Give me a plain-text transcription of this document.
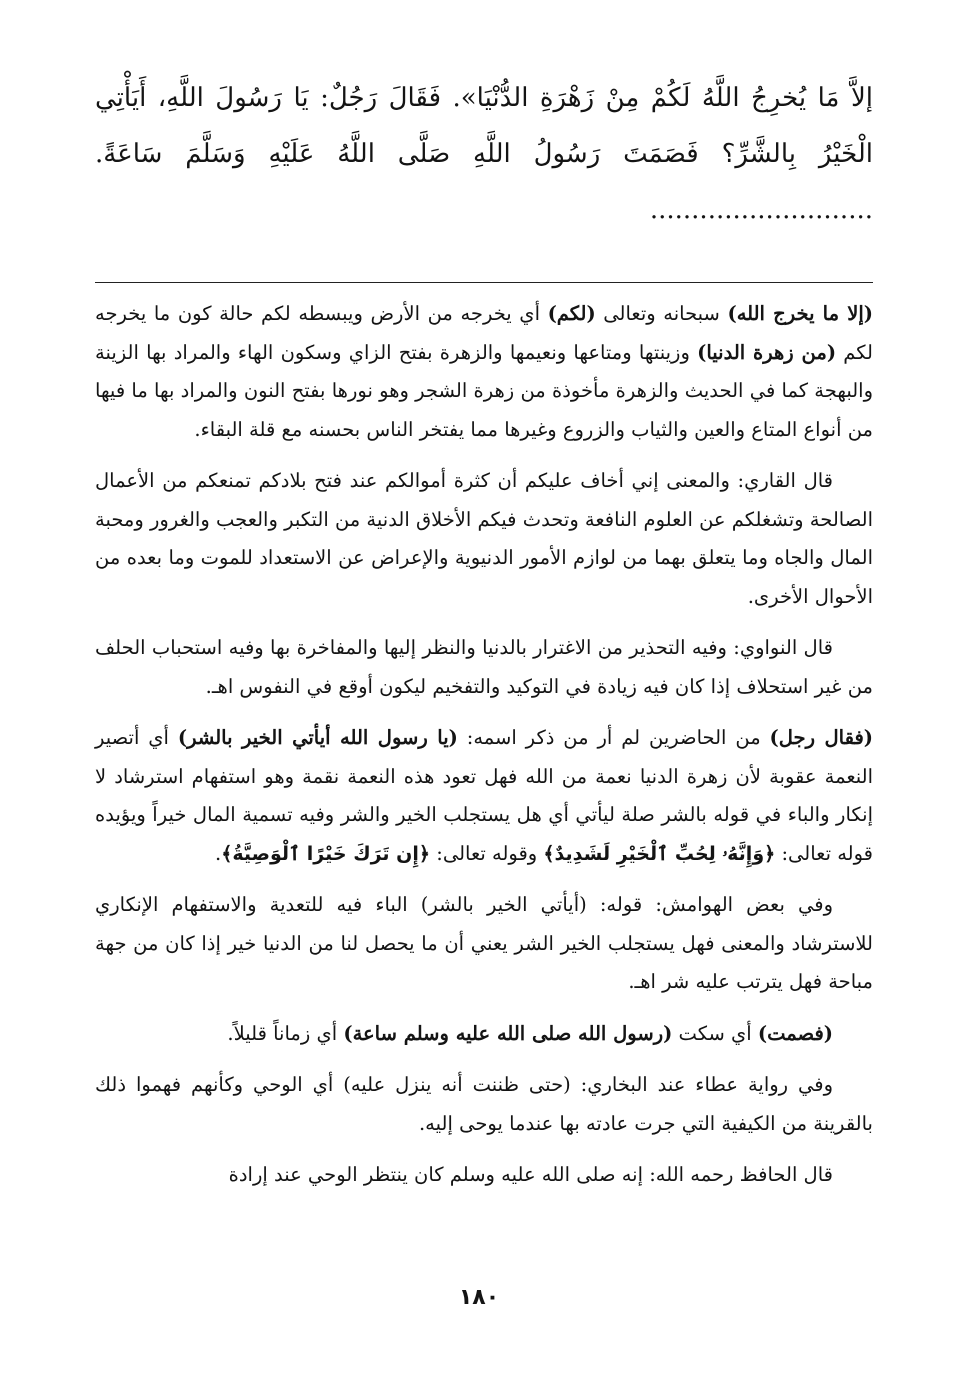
إلاَّ مَا يُخرِجُ اللَّهُ لَكُمْ مِنْ زَهْرَةِ الدُّنْيَا». فَقَالَ رَجُلٌ: يَا رَسُولَ اللَّهِ، أَيَأْتِي الْخَيْرُ بِالشَّرِّ؟ فَصَمَتَ رَسُولُ اللَّهِ صَلَّى اللَّهُ عَلَيْهِ وَسَلَّمَ سَاعَةً. ...........................

(إلا ما يخرج الله) سبحانه وتعالى (لكم) أي يخرجه من الأرض ويبسطه لكم حالة كون ما يخرجه لكم (من زهرة الدنيا) وزينتها ومتاعها ونعيمها والزهرة بفتح الزاي وسكون الهاء والمراد بها الزينة والبهجة كما في الحديث والزهرة مأخوذة من زهرة الشجر وهو نورها بفتح النون والمراد بها ما فيها من أنواع المتاع والعين والثياب والزروع وغيرها مما يفتخر الناس بحسنه مع قلة البقاء.

قال القاري: والمعنى إني أخاف عليكم أن كثرة أموالكم عند فتح بلادكم تمنعكم من الأعمال الصالحة وتشغلكم عن العلوم النافعة وتحدث فيكم الأخلاق الدنية من التكبر والعجب والغرور ومحبة المال والجاه وما يتعلق بهما من لوازم الأمور الدنيوية والإعراض عن الاستعداد للموت وما بعده من الأحوال الأخرى.

قال النواوي: وفيه التحذير من الاغترار بالدنيا والنظر إليها والمفاخرة بها وفيه استحباب الحلف من غير استحلاف إذا كان فيه زيادة في التوكيد والتفخيم ليكون أوقع في النفوس اهـ.

(فقال رجل) من الحاضرين لم أر من ذكر اسمه: (يا رسول الله أيأتي الخير بالشر) أي أتصير النعمة عقوبة لأن زهرة الدنيا نعمة من الله فهل تعود هذه النعمة نقمة وهو استفهام استرشاد لا إنكار والباء في قوله بالشر صلة ليأتي أي هل يستجلب الخير والشر وفيه تسمية المال خيراً ويؤيده قوله تعالى: ﴿وَإِنَّهُۥ لِحُبِّ ٱلْخَيْرِ لَشَدِيدٌ﴾ وقوله تعالى: ﴿إِن تَرَكَ خَيْرًا ٱلْوَصِيَّةُ﴾.

وفي بعض الهوامش: قوله: (أيأتي الخير بالشر) الباء فيه للتعدية والاستفهام الإنكاري للاسترشاد والمعنى فهل يستجلب الخير الشر يعني أن ما يحصل لنا من الدنيا خير إذا كان من جهة مباحة فهل يترتب عليه شر اهـ.

(فصمت) أي سكت (رسول الله صلى الله عليه وسلم ساعة) أي زماناً قليلاً.

وفي رواية عطاء عند البخاري: (حتى ظننت أنه ينزل عليه) أي الوحي وكأنهم فهموا ذلك بالقرينة من الكيفية التي جرت عادته بها عندما يوحى إليه.

قال الحافظ رحمه الله: إنه صلى الله عليه وسلم كان ينتظر الوحي عند إرادة

١٨٠
